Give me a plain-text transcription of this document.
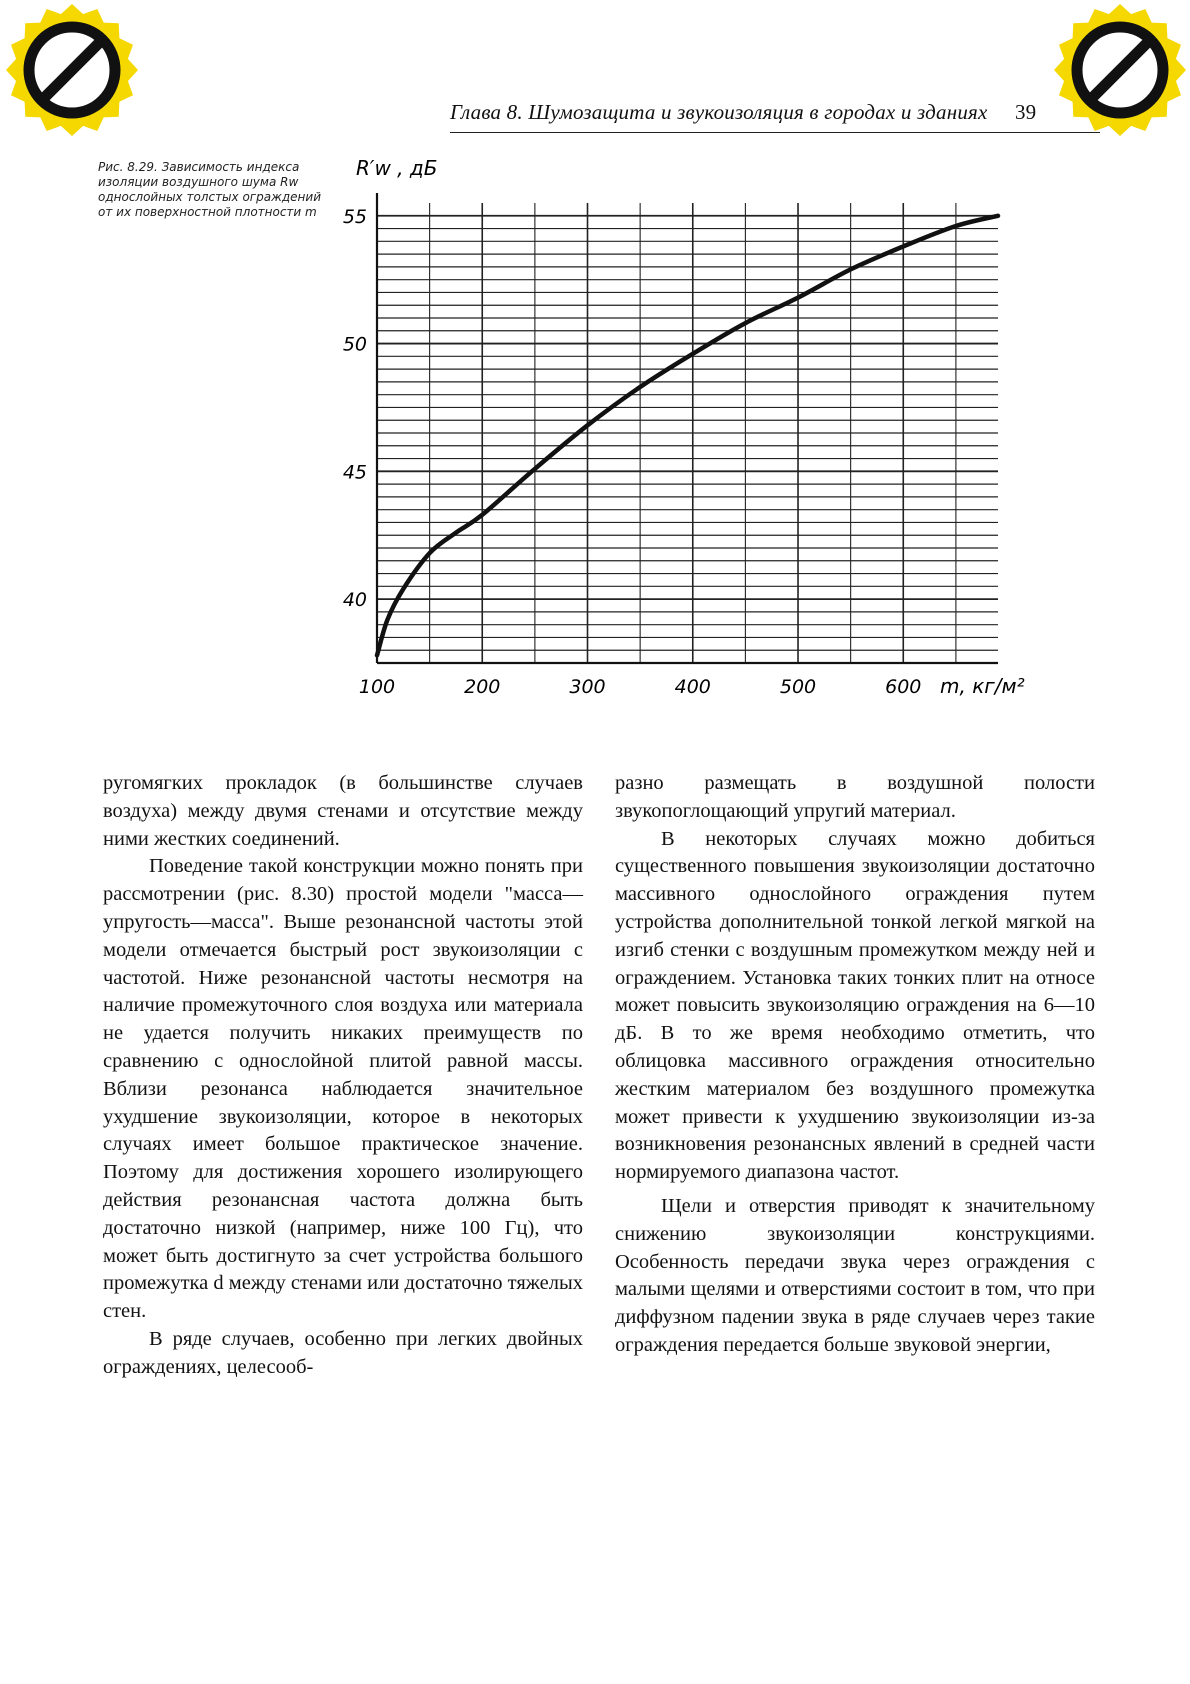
Глава 8. Шумозащита и звукоизоляция в городах и зданиях 39
Рис. 8.29. Зависимость индекса изоляции воздушного шума Rw однослойных толстых ограждений от их поверхностной плотности m
100	200	300	400	500	600
40
45
50
55
R′w , дБ
m, кг/м²

ругомягких прокладок (в большинстве случаев воздуха) между двумя стенами и отсутствие между ними жестких соединений.

Поведение такой конструкции можно понять при рассмотрении (рис. 8.30) простой модели "масса—упругость—масса". Выше резонансной частоты этой модели отмечается быстрый рост звукоизоляции с частотой. Ниже резонансной частоты несмотря на наличие промежуточного слоя воздуха или материала не удается получить никаких преимуществ по сравнению с однослойной плитой равной массы. Вблизи резонанса наблюдается значительное ухудшение звукоизоляции, которое в некоторых случаях имеет большое практическое значение. Поэтому для достижения хорошего изолирующего действия резонансная частота должна быть достаточно низкой (например, ниже 100 Гц), что может быть достигнуто за счет устройства большого промежутка d между стенами или достаточно тяжелых стен.

В ряде случаев, особенно при легких двойных ограждениях, целесооб-

разно размещать в воздушной полости звукопоглощающий упругий материал.

В некоторых случаях можно добиться существенного повышения звукоизоляции достаточно массивного однослойного ограждения путем устройства дополнительной тонкой легкой мягкой на изгиб стенки с воздушным промежутком между ней и ограждением. Установка таких тонких плит на относе может повысить звукоизоляцию ограждения на 6—10 дБ. В то же время необходимо отметить, что облицовка массивного ограждения относительно жестким материалом без воздушного промежутка может привести к ухудшению звукоизоляции из-за возникновения резонансных явлений в средней части нормируемого диапазона частот.

Щели и отверстия приводят к значительному снижению звукоизоляции конструкциями. Особенность передачи звука через ограждения с малыми щелями и отверстиями состоит в том, что при диффузном падении звука в ряде случаев через такие ограждения передается больше звуковой энергии,
